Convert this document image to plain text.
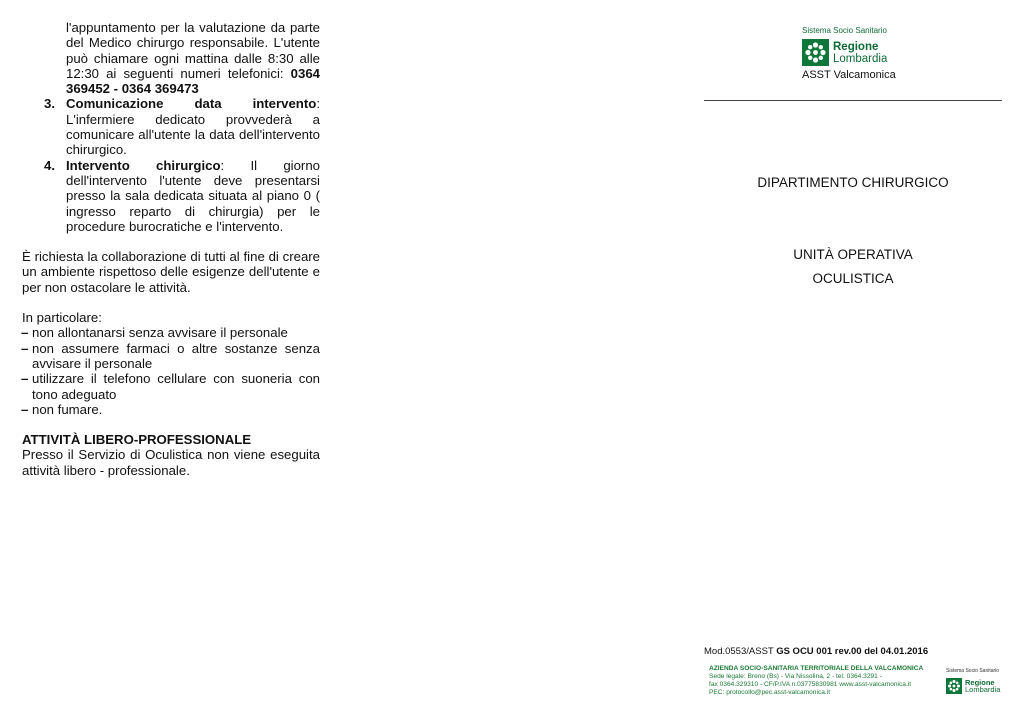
l'appuntamento per la valutazione da parte del Medico chirurgo responsabile. L'utente può chiamare ogni mattina dalle 8:30 alle 12:30 ai seguenti numeri telefonici: 0364 369452 - 0364 369473
3. Comunicazione data intervento: L'infermiere dedicato provvederà a comunicare all'utente la data dell'intervento chirurgico.
4. Intervento chirurgico: Il giorno dell'intervento l'utente deve presentarsi presso la sala dedicata situata al piano 0 ( ingresso reparto di chirurgia) per le procedure burocratiche e l'intervento.
È richiesta la collaborazione di tutti al fine di creare un ambiente rispettoso delle esigenze dell'utente e per non ostacolare le attività.
In particolare:
– non allontanarsi senza avvisare il personale
– non assumere farmaci o altre sostanze senza avvisare il personale
– utilizzare il telefono cellulare con suoneria con tono adeguato
– non fumare.
ATTIVITÀ LIBERO-PROFESSIONALE
Presso il Servizio di Oculistica non viene eseguita attività libero - professionale.
Sistema Socio Sanitario
Regione
Lombardia
ASST Valcamonica
DIPARTIMENTO CHIRURGICO
UNITÀ OPERATIVA
OCULISTICA
Mod.0553/ASST GS OCU 001 rev.00 del 04.01.2016
AZIENDA SOCIO-SANITARIA TERRITORIALE DELLA VALCAMONICA
Sede legale: Breno (Bs) - Via Nissolina, 2 - tel. 0364.3291 -
fax 0364.329310 - CF/P.IVA n.03775830981 www.asst-valcamonica.it
PEC: protocollo@pec.asst-valcamonica.it
Sistema Socio Sanitario
Regione
Lombardia
